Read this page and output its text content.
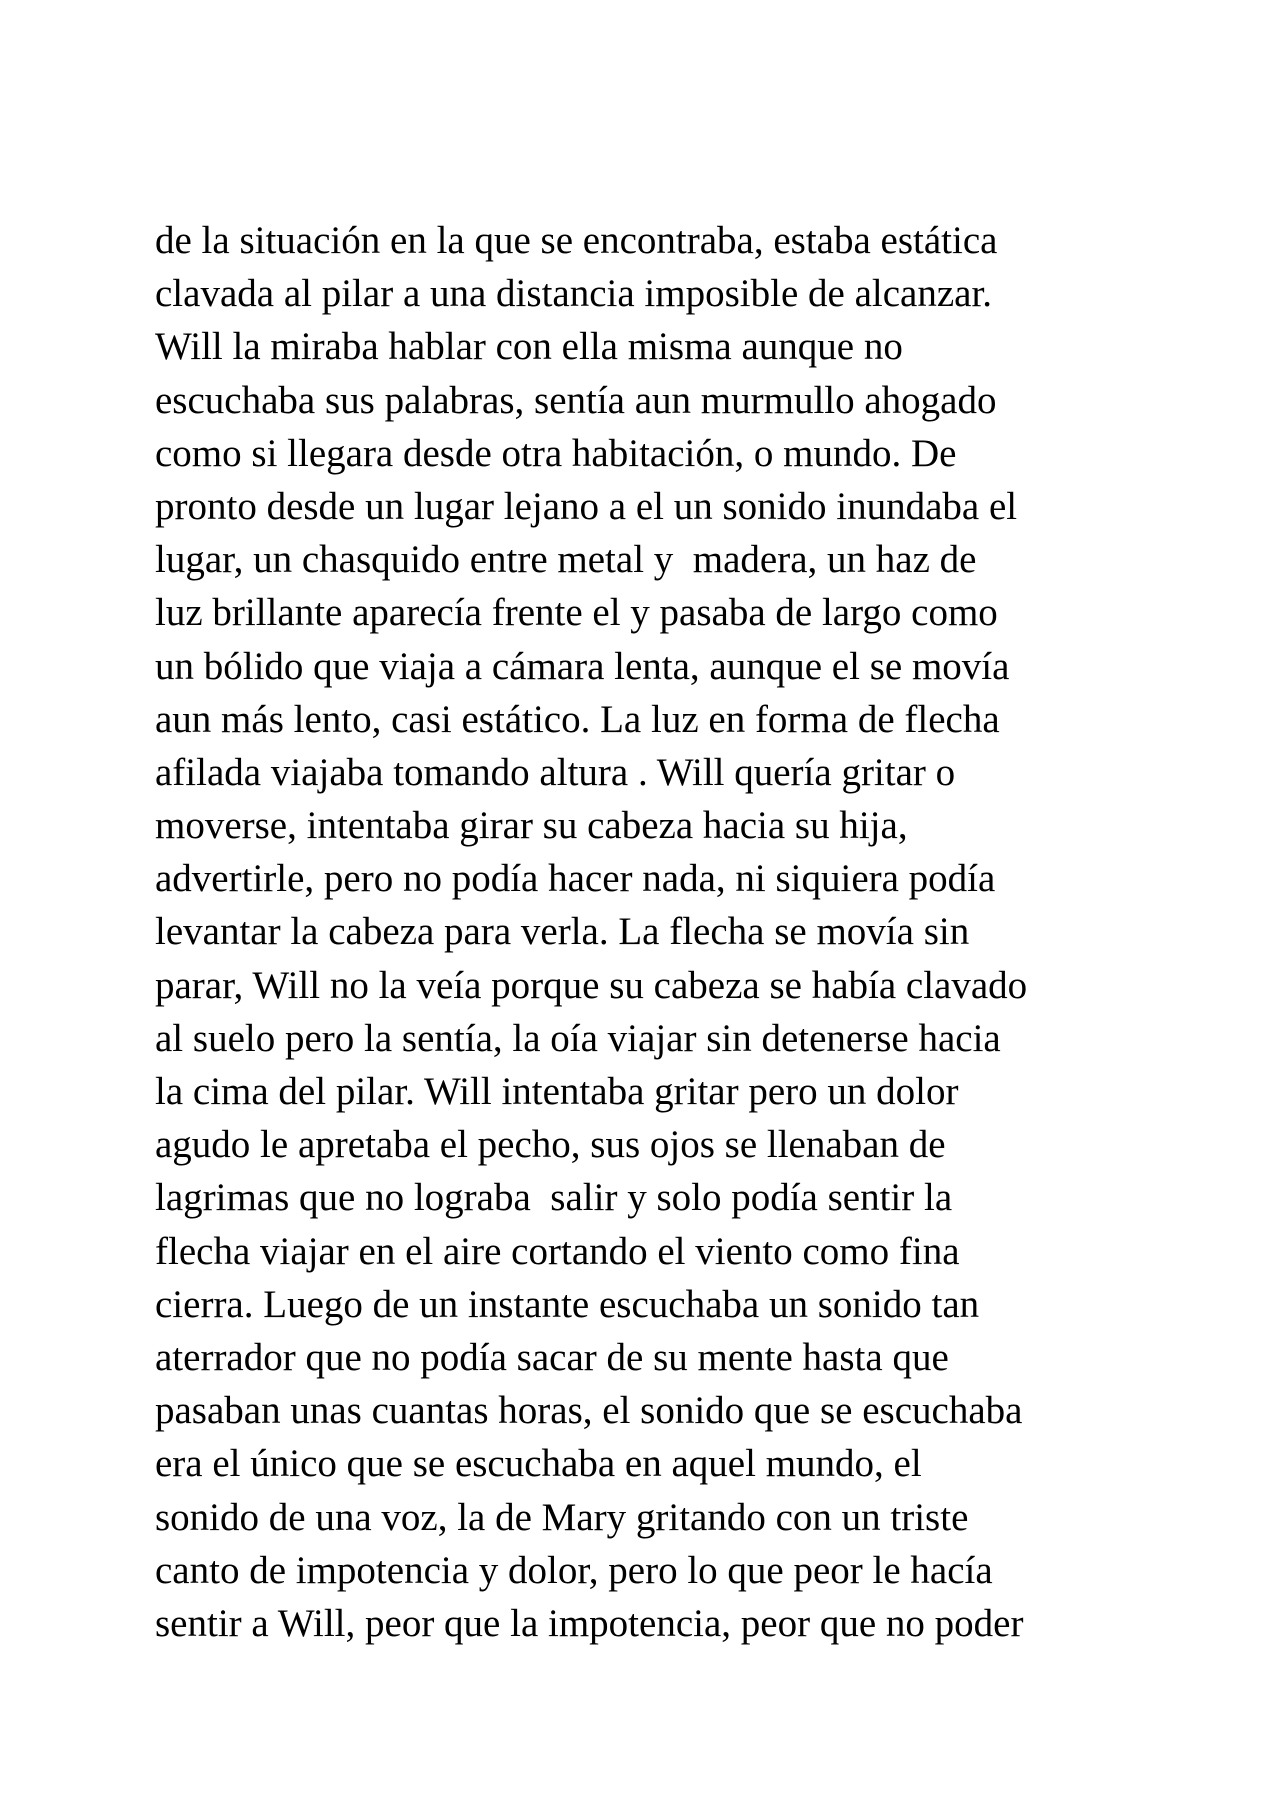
de la situación en la que se encontraba, estaba estática
clavada al pilar a una distancia imposible de alcanzar.
Will la miraba hablar con ella misma aunque no
escuchaba sus palabras, sentía aun murmullo ahogado
como si llegara desde otra habitación, o mundo. De
pronto desde un lugar lejano a el un sonido inundaba el
lugar, un chasquido entre metal y  madera, un haz de
luz brillante aparecía frente el y pasaba de largo como
un bólido que viaja a cámara lenta, aunque el se movía
aun más lento, casi estático. La luz en forma de flecha
afilada viajaba tomando altura . Will quería gritar o
moverse, intentaba girar su cabeza hacia su hija,
advertirle, pero no podía hacer nada, ni siquiera podía
levantar la cabeza para verla. La flecha se movía sin
parar, Will no la veía porque su cabeza se había clavado
al suelo pero la sentía, la oía viajar sin detenerse hacia
la cima del pilar. Will intentaba gritar pero un dolor
agudo le apretaba el pecho, sus ojos se llenaban de
lagrimas que no lograba  salir y solo podía sentir la
flecha viajar en el aire cortando el viento como fina
cierra. Luego de un instante escuchaba un sonido tan
aterrador que no podía sacar de su mente hasta que
pasaban unas cuantas horas, el sonido que se escuchaba
era el único que se escuchaba en aquel mundo, el
sonido de una voz, la de Mary gritando con un triste
canto de impotencia y dolor, pero lo que peor le hacía
sentir a Will, peor que la impotencia, peor que no poder
